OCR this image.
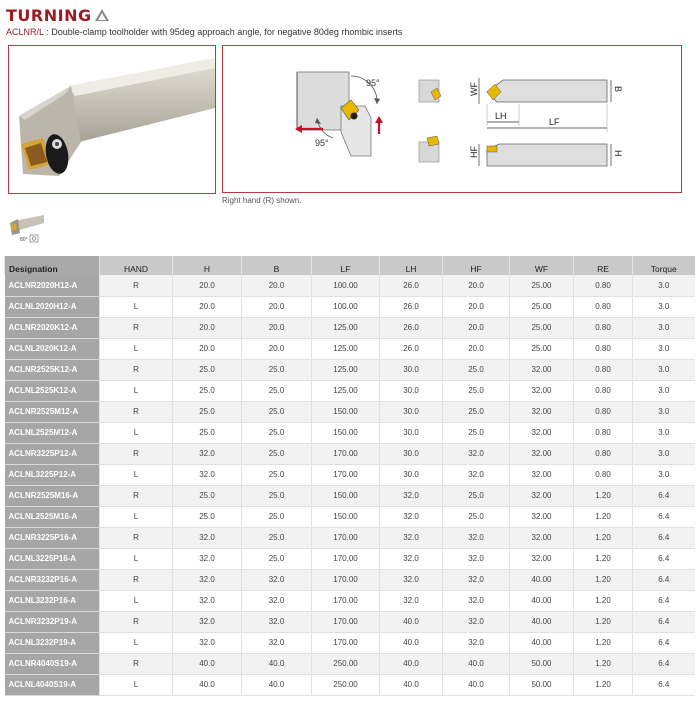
TURNING
ACLNR/L : Double-clamp toolholder with 95deg approach angle, for negative 80deg rhombic inserts
95°
95°
WF	B
LH
LF
HF	H
Right hand (R) shown.
80°
Designation	HAND	H	B	LF	LH	HF	WF	RE	Torque
ACLNR2020H12-A	R	20.0	20.0	100.00	26.0	20.0	25.00	0.80	3.0
ACLNL2020H12-A	L	20.0	20.0	100.00	26.0	20.0	25.00	0.80	3.0
ACLNR2020K12-A	R	20.0	20.0	125.00	26.0	20.0	25.00	0.80	3.0
ACLNL2020K12-A	L	20.0	20.0	125.00	26.0	20.0	25.00	0.80	3.0
ACLNR2525K12-A	R	25.0	25.0	125.00	30.0	25.0	32.00	0.80	3.0
ACLNL2525K12-A	L	25.0	25.0	125.00	30.0	25.0	32.00	0.80	3.0
ACLNR2525M12-A	R	25.0	25.0	150.00	30.0	25.0	32.00	0.80	3.0
ACLNL2525M12-A	L	25.0	25.0	150.00	30.0	25.0	32.00	0.80	3.0
ACLNR3225P12-A	R	32.0	25.0	170.00	30.0	32.0	32.00	0.80	3.0
ACLNL3225P12-A	L	32.0	25.0	170.00	30.0	32.0	32.00	0.80	3.0
ACLNR2525M16-A	R	25.0	25.0	150.00	32.0	25.0	32.00	1.20	6.4
ACLNL2525M16-A	L	25.0	25.0	150.00	32.0	25.0	32.00	1.20	6.4
ACLNR3225P16-A	R	32.0	25.0	170.00	32.0	32.0	32.00	1.20	6.4
ACLNL3225P16-A	L	32.0	25.0	170.00	32.0	32.0	32.00	1.20	6.4
ACLNR3232P16-A	R	32.0	32.0	170.00	32.0	32.0	40.00	1.20	6.4
ACLNL3232P16-A	L	32.0	32.0	170.00	32.0	32.0	40.00	1.20	6.4
ACLNR3232P19-A	R	32.0	32.0	170.00	40.0	32.0	40.00	1.20	6.4
ACLNL3232P19-A	L	32.0	32.0	170.00	40.0	32.0	40.00	1.20	6.4
ACLNR4040S19-A	R	40.0	40.0	250.00	40.0	40.0	50.00	1.20	6.4
ACLNL4040S19-A	L	40.0	40.0	250.00	40.0	40.0	50.00	1.20	6.4
